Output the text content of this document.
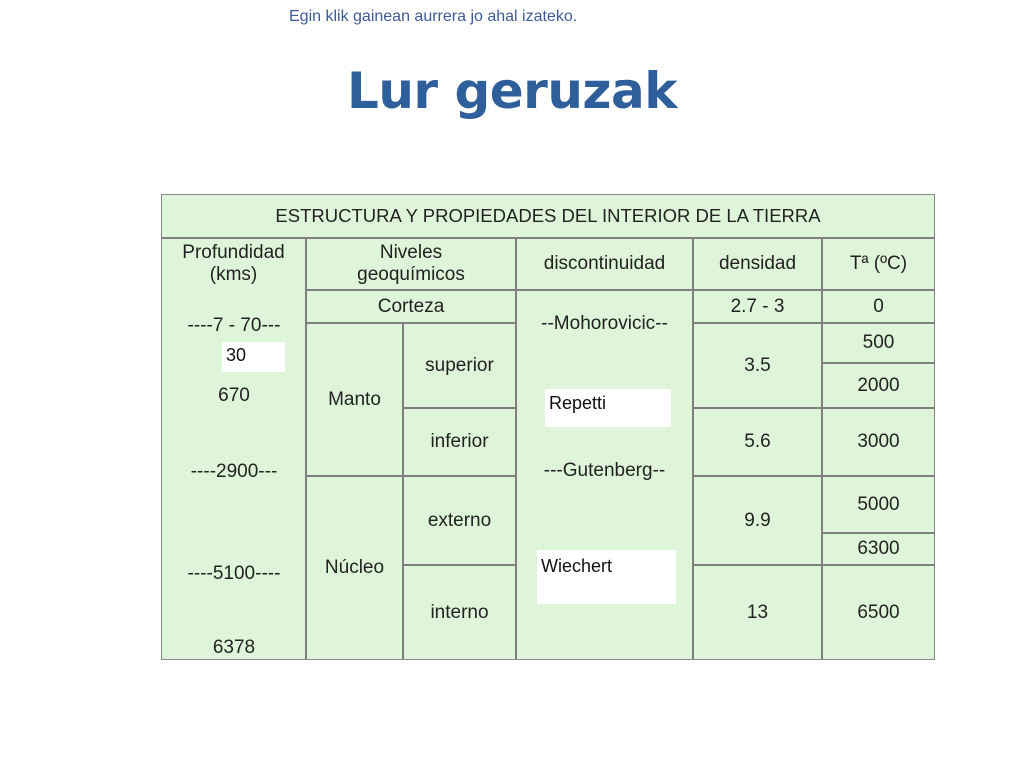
Egin klik gainean aurrera jo ahal izateko.
Lur geruzak
ESTRUCTURA Y PROPIEDADES DEL INTERIOR DE LA TIERRA
Profundidad
(kms)
Niveles
geoquímicos
discontinuidad	densidad	Tª (ºC)
----7 - 70---
30
670
----2900---
----5100----
6378
Corteza
Manto
superior
inferior
Núcleo
externo
interno
--Mohorovicic--
Repetti
---Gutenberg--
Wiechert
2.7 - 3
3.5
5.6
9.9
13
0
500
2000
3000
5000
6300
6500
